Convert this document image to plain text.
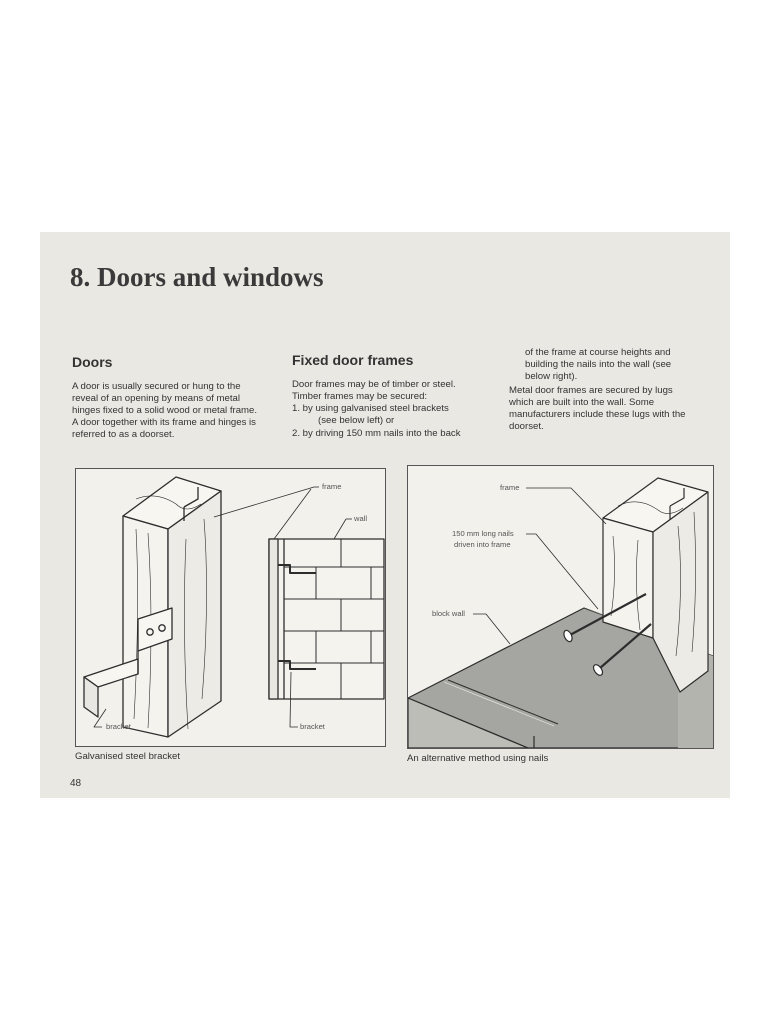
8. Doors and windows
Doors

A door is usually secured or hung to the

reveal of an opening by means of metal

hinges fixed to a solid wood or metal frame.

A door together with its frame and hinges is

referred to as a doorset.

Fixed door frames

Door frames may be of timber or steel.

Timber frames may be secured:

1. by using galvanised steel brackets
(see below left) or
2. by driving 150 mm nails into the back

of the frame at course heights and

building the nails into the wall (see

below right).

Metal door frames are secured by lugs

which are built into the wall. Some

manufacturers include these lugs with the

doorset.

frame
wall
bracket	bracket
Galvanised steel bracket
frame
150 mm long nails
driven into frame
block wall
An alternative method using nails
48
